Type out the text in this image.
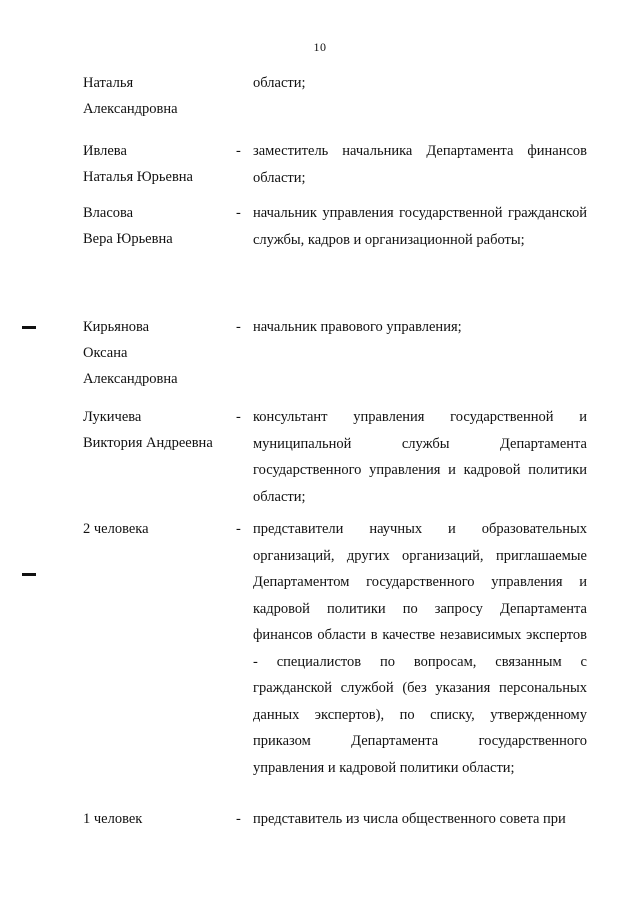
10
Наталья
Александровна
области;
Ивлева
Наталья Юрьевна
- заместитель начальника Департамента финансов области;
Власова
Вера Юрьевна
- начальник управления государственной гражданской службы, кадров и организационной работы;
Кирьянова
Оксана
Александровна
- начальник правового управления;
Лукичева
Виктория Андреевна
- консультант управления государственной и муниципальной службы Департамента государственного управления и кадровой политики области;
2 человека	- представители научных и образовательных организаций, других организаций, приглашаемые Департаментом государственного управления и кадровой политики по запросу Департамента финансов области в качестве независимых экспертов - специалистов по вопросам, связанным с гражданской службой (без указания персональных данных экспертов), по списку, утвержденному приказом Департамента государственного управления и кадровой политики области;
1 человек	- представитель из числа общественного совета при
